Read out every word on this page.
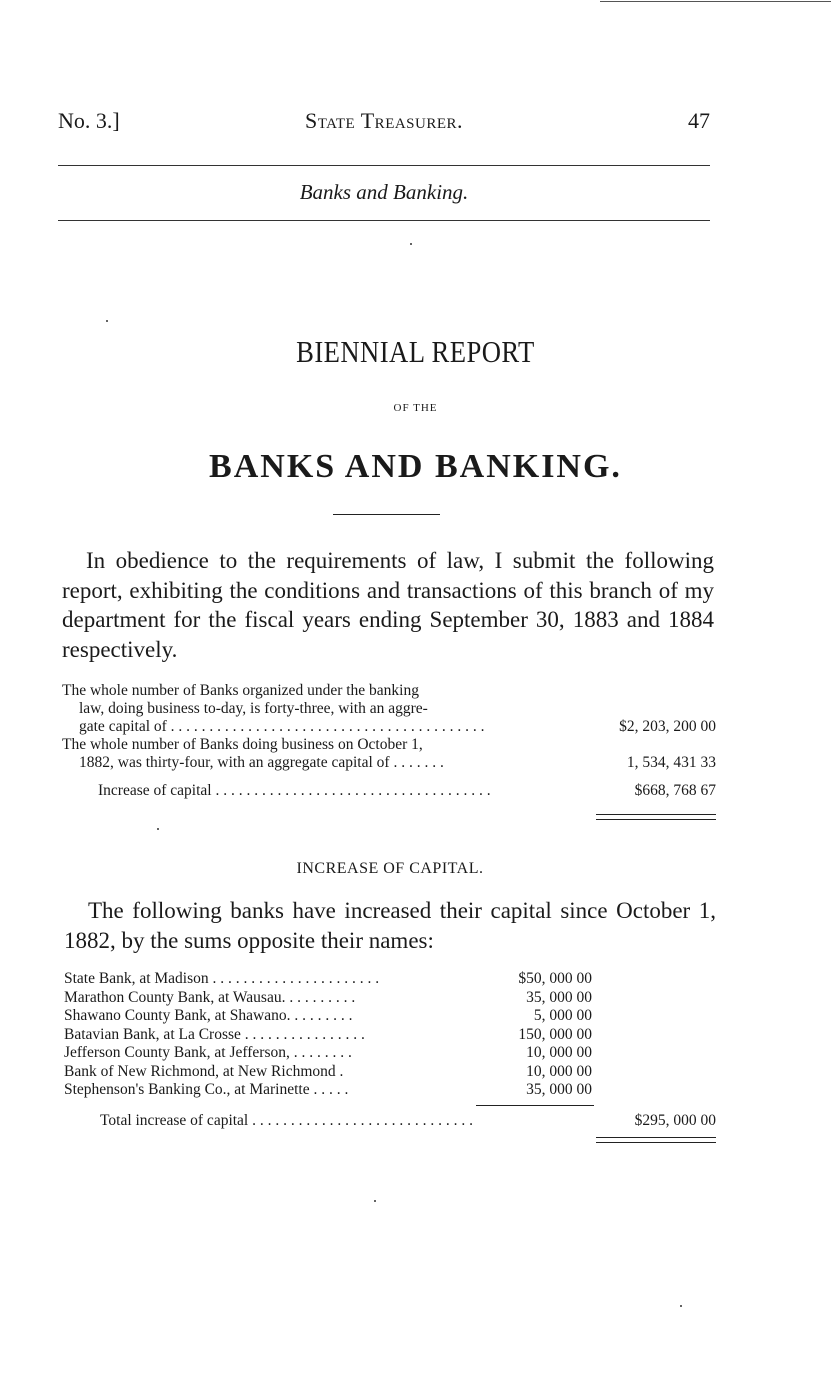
No. 3.]	State Treasurer.	47
Banks and Banking.
BIENNIAL REPORT
OF THE
BANKS AND BANKING.

In obedience to the requirements of law, I submit the following report, exhibiting the conditions and transactions of this branch of my department for the fiscal years ending September 30, 1883 and 1884 respectively.

The whole number of Banks organized under the banking
law, doing business to-day, is forty-three, with an aggre-
gate capital of . . . . . . . . . . . . . . . . . . . . . . . . . . . . . . . . . . . . . . . . .	$2, 203, 200 00
The whole number of Banks doing business on October 1,
1882, was thirty-four, with an aggregate capital of . . . . . . .	1, 534, 431 33
Increase of capital . . . . . . . . . . . . . . . . . . . . . . . . . . . . . . . . . . . .	$668, 768 67
INCREASE OF CAPITAL.

The following banks have increased their capital since October 1, 1882, by the sums opposite their names:

State Bank, at Madison . . . . . . . . . . . . . . . . . . . . . .	$50, 000 00
Marathon County Bank, at Wausau. . . . . . . . . .	35, 000 00
Shawano County Bank, at Shawano. . . . . . . . .	5, 000 00
Batavian Bank, at La Crosse . . . . . . . . . . . . . . . .	150, 000 00
Jefferson County Bank, at Jefferson, . . . . . . . .	10, 000 00
Bank of New Richmond, at New Richmond .	10, 000 00
Stephenson's Banking Co., at Marinette . . . . .	35, 000 00
Total increase of capital . . . . . . . . . . . . . . . . . . . . . . . . . . . . .	$295, 000 00
